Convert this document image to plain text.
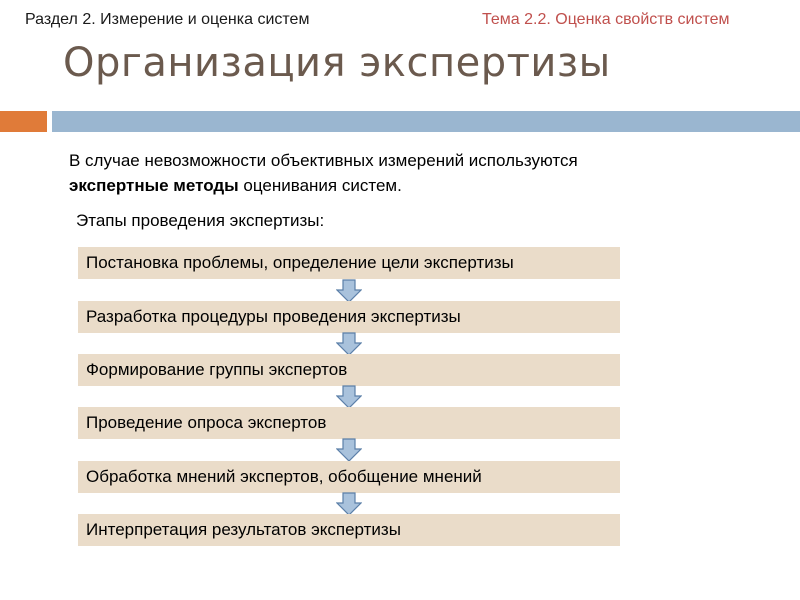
Раздел 2. Измерение и оценка систем	Тема 2.2. Оценка свойств систем
Организация экспертизы
В случае невозможности объективных измерений используются экспертные методы оценивания систем.
Этапы проведения экспертизы:
Постановка проблемы, определение цели экспертизы
Разработка процедуры проведения экспертизы
Формирование группы экспертов
Проведение опроса экспертов
Обработка мнений экспертов, обобщение мнений
Интерпретация результатов экспертизы
